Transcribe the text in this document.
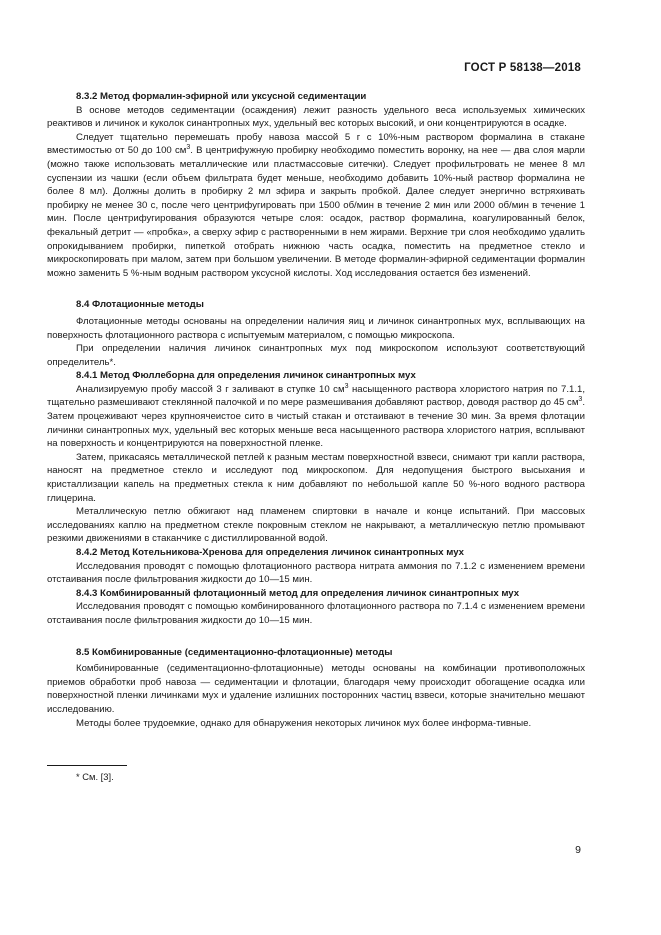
ГОСТ Р 58138—2018

8.3.2 Метод формалин-эфирной или уксусной седиментации

В основе методов седиментации (осаждения) лежит разность удельного веса используемых химических реактивов и личинок и куколок синантропных мух, удельный вес которых высокий, и они концентрируются в осадке.

Следует тщательно перемешать пробу навоза массой 5 г с 10%-ным раствором формалина в стакане вместимостью от 50 до 100 $см^3$. В центрифужную пробирку необходимо поместить воронку, на нее — два слоя марли (можно также использовать металлические или пластмассовые ситечки). Следует профильтровать не менее 8 мл суспензии из чашки (если объем фильтрата будет меньше, необходимо добавить 10%-ный раствор формалина не более 8 мл). Должны долить в пробирку 2 мл эфира и закрыть пробкой. Далее следует энергично встряхивать пробирку не менее 30 с, после чего центрифугировать при 1500 об/мин в течение 2 мин или 2000 об/мин в течение 1 мин. После центрифугирования образуются четыре слоя: осадок, раствор формалина, коагулированный белок, фекальный детрит — «пробка», а сверху эфир с растворенными в нем жирами. Верхние три слоя необходимо удалить опрокидыванием пробирки, пипеткой отобрать нижнюю часть осадка, поместить на предметное стекло и микроскопировать при малом, затем при большом увеличении. В методе формалин-эфирной седиментации формалин можно заменить 5 %-ным водным раствором уксусной кислоты. Ход исследования остается без изменений.

8.4 Флотационные методы

Флотационные методы основаны на определении наличия яиц и личинок синантропных мух, всплывающих на поверхность флотационного раствора с испытуемым материалом, с помощью микроскопа.

При определении наличия личинок синантропных мух под микроскопом используют соответствующий определитель*.

8.4.1 Метод Фюллеборна для определения личинок синантропных мух

Анализируемую пробу массой 3 г заливают в ступке 10 $см^3$ насыщенного раствора хлористого натрия по 7.1.1, тщательно размешивают стеклянной палочкой и по мере размешивания добавляют раствор, доводя раствор до 45 $см^3$. Затем процеживают через крупноячеистое сито в чистый стакан и отстаивают в течение 30 мин. За время флотации личинки синантропных мух, удельный вес которых меньше веса насыщенного раствора хлористого натрия, всплывают на поверхность и концентрируются на поверхностной пленке.

Затем, прикасаясь металлической петлей к разным местам поверхностной взвеси, снимают три капли раствора, наносят на предметное стекло и исследуют под микроскопом. Для недопущения быстрого высыхания и кристаллизации капель на предметных стекла к ним добавляют по небольшой капле 50 %-ного водного раствора глицерина.

Металлическую петлю обжигают над пламенем спиртовки в начале и конце испытаний. При массовых исследованиях каплю на предметном стекле покровным стеклом не накрывают, а металлическую петлю промывают резкими движениями в стаканчике с дистиллированной водой.

8.4.2 Метод Котельникова-Хренова для определения личинок синантропных мух

Исследования проводят с помощью флотационного раствора нитрата аммония по 7.1.2 с изменением времени отстаивания после фильтрования жидкости до 10—15 мин.

8.4.3 Комбинированный флотационный метод для определения личинок синантропных мух

Исследования проводят с помощью комбинированного флотационного раствора по 7.1.4 с изменением времени отстаивания после фильтрования жидкости до 10—15 мин.

8.5 Комбинированные (седиментационно-флотационные) методы

Комбинированные (седиментационно-флотационные) методы основаны на комбинации противоположных приемов обработки проб навоза — седиментации и флотации, благодаря чему происходит обогащение осадка или поверхностной пленки личинками мух и удаление излишних посторонних частиц взвеси, которые значительно мешают исследованию.

Методы более трудоемкие, однако для обнаружения некоторых личинок мух более информа-тивные.

* См. [3].
9
